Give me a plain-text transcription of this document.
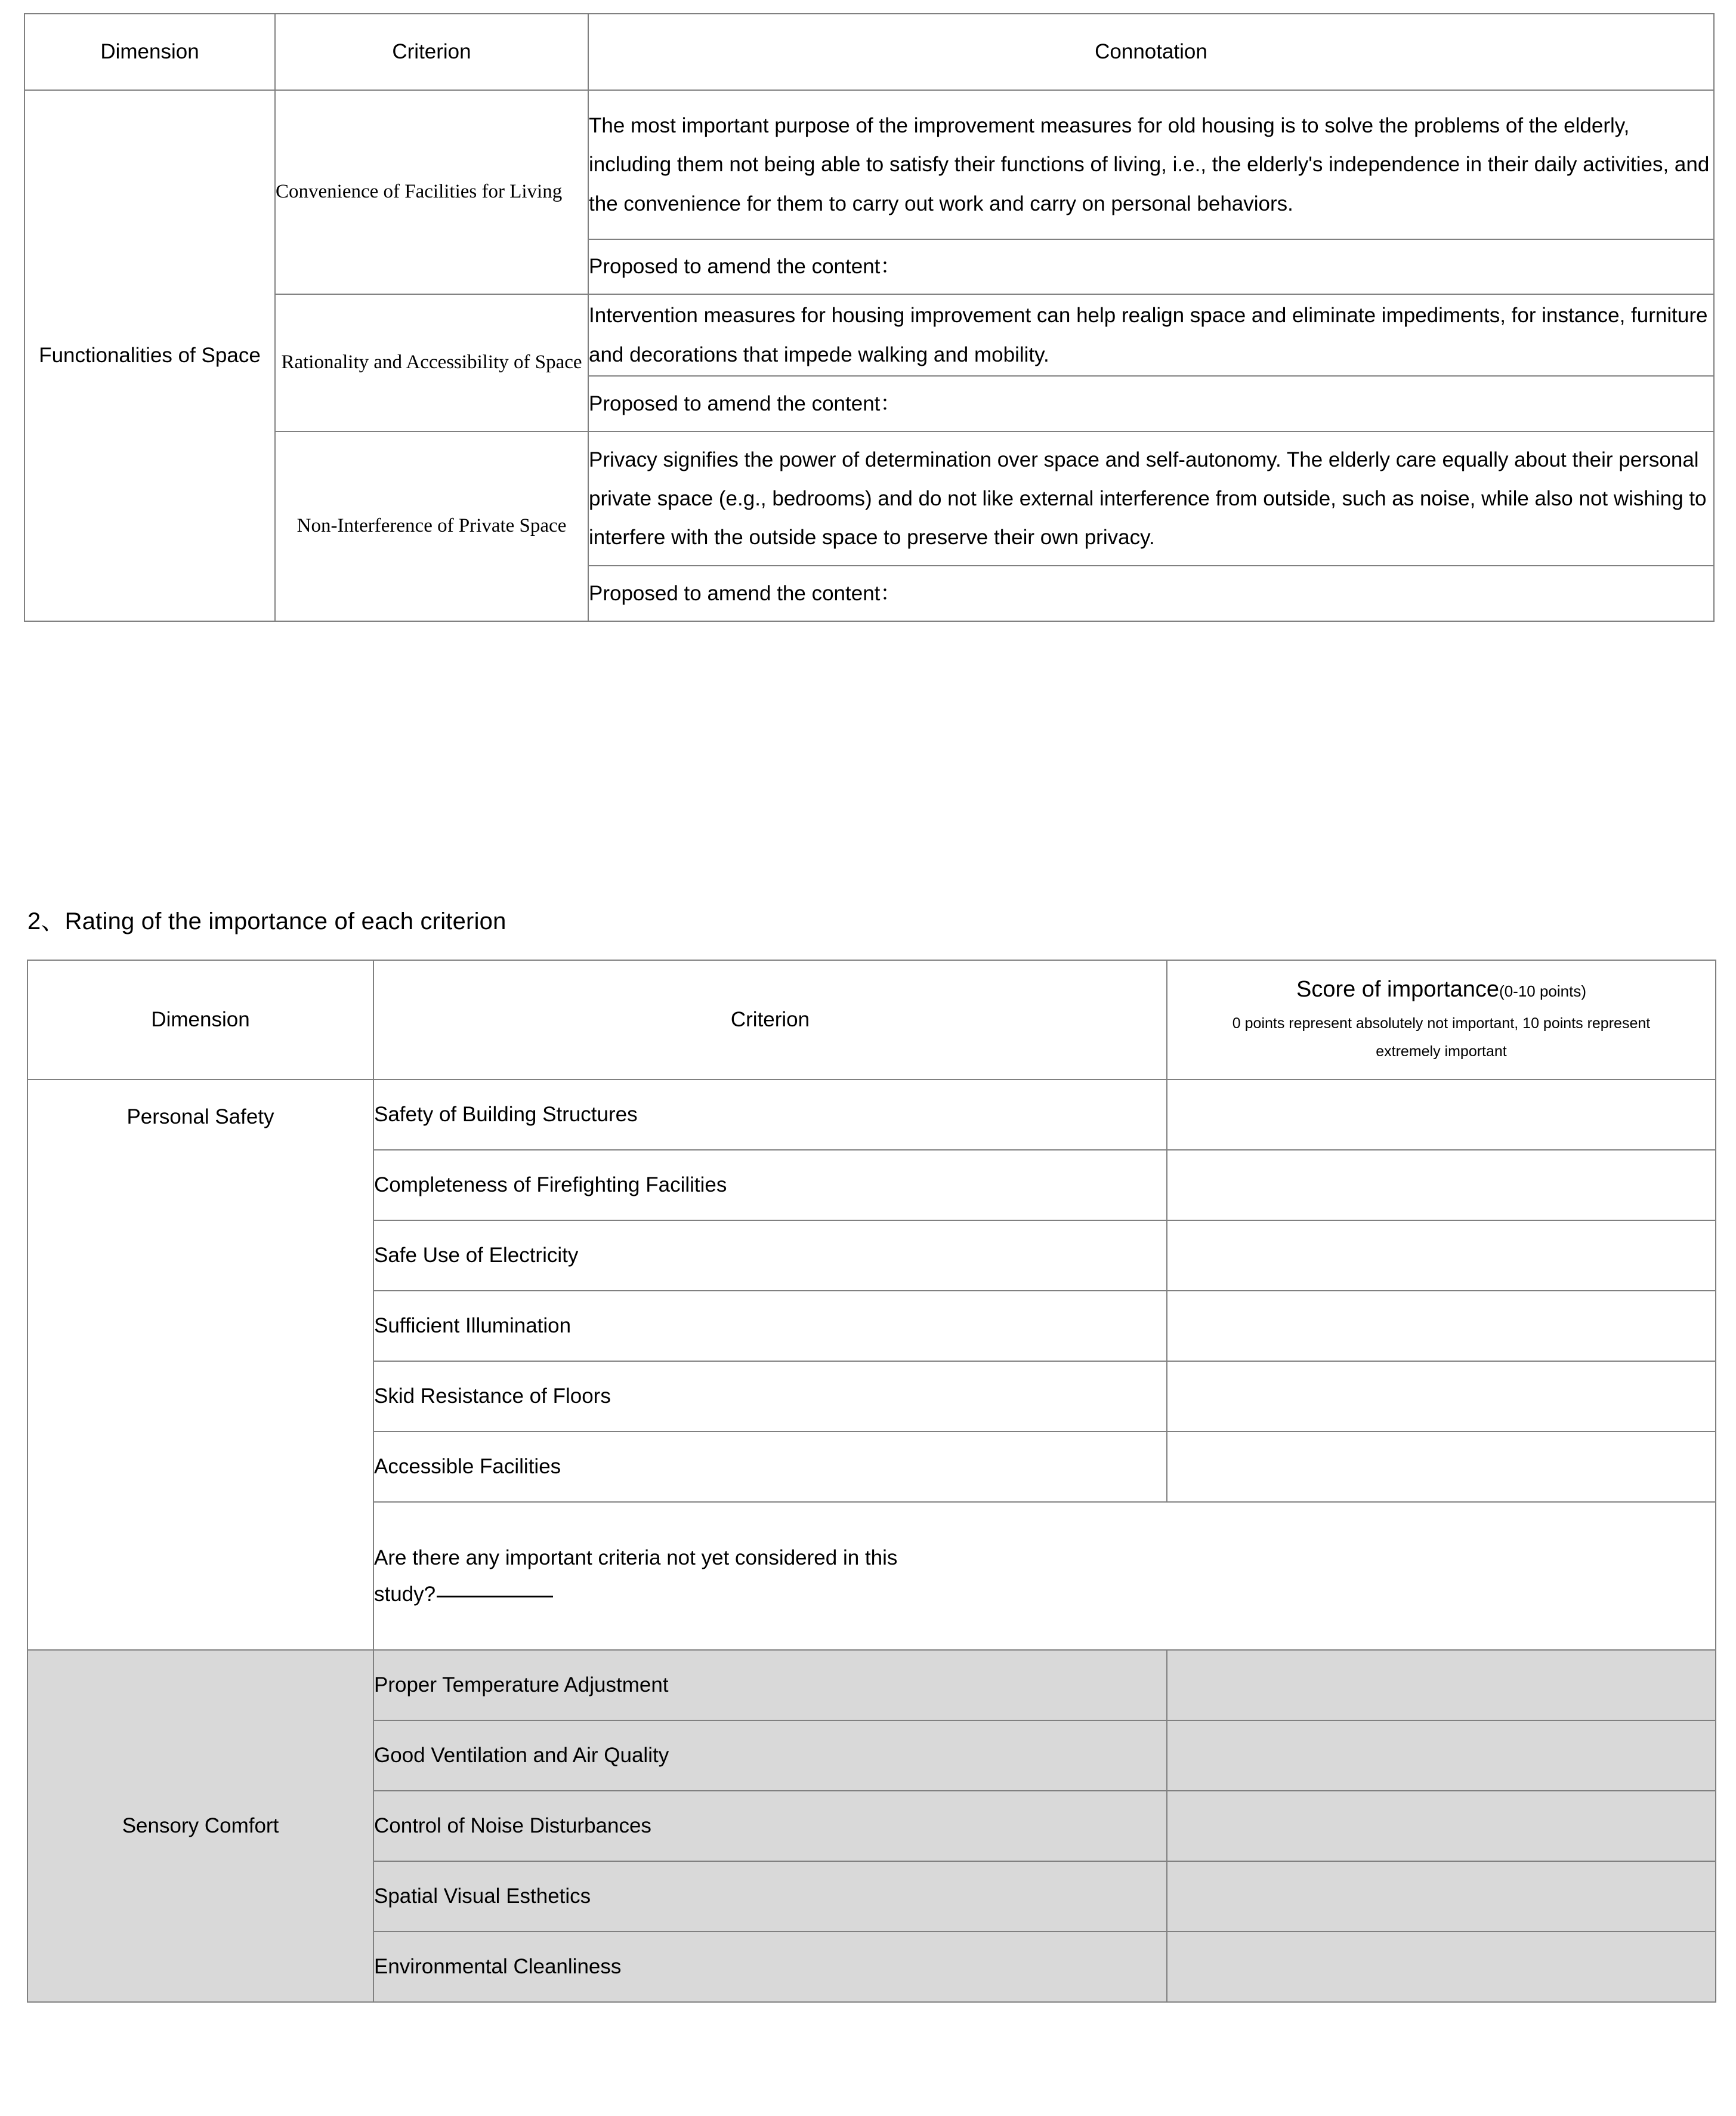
Dimension	Criterion	Connotation
Functionalities of Space	Convenience of Facilities for Living	The most important purpose of the improvement measures for old housing is to solve the problems of the elderly, including them not being able to satisfy their functions of living, i.e., the elderly's independence in their daily activities, and the convenience for them to carry out work and carry on personal behaviors.
		Proposed to amend the content：
	Rationality and Accessibility of Space	Intervention measures for housing improvement can help realign space and eliminate impediments, for instance, furniture and decorations that impede walking and mobility.
		Proposed to amend the content：
	Non-Interference of Private Space	Privacy signifies the power of determination over space and self-autonomy. The elderly care equally about their personal private space (e.g., bedrooms) and do not like external interference from outside, such as noise, while also not wishing to interfere with the outside space to preserve their own privacy.
		Proposed to amend the content：
2、Rating of the importance of each criterion
Dimension	Criterion	Score of importance(0-10 points)
0 points represent absolutely not important, 10 points represent
extremely important

Personal Safety	Safety of Building Structures	
	Completeness of Firefighting Facilities	
	Safe Use of Electricity	
	Sufficient Illumination	
	Skid Resistance of Floors	
	Accessible Facilities	

	Are there any important criteria not yet considered in this
study?	

Sensory Comfort	Proper Temperature Adjustment	
	Good Ventilation and Air Quality	
	Control of Noise Disturbances	
	Spatial Visual Esthetics	
	Environmental Cleanliness	
